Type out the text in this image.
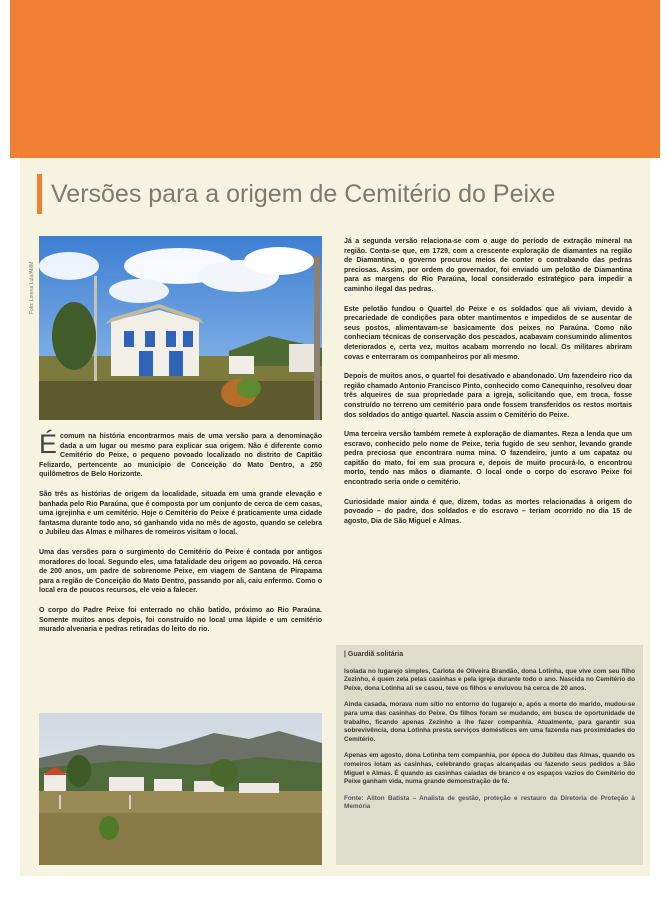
Versões para a origem de Cemitério do Peixe
Foto: Lorena Lula/AMM

Écomum na história encontrarmos mais de uma versão para a denominação dada a um lugar ou mesmo para explicar sua origem. Não é diferente como Cemitério do Peixe, o pequeno povoado localizado no distrito de Capitão Felizardo, pertencente ao município de Conceição do Mato Dentro, a 250 quilômetros de Belo Horizonte.

São três as histórias de origem da localidade, situada em uma grande elevação e banhada pelo Rio Paraúna, que é composta por um conjunto de cerca de cem casas, uma igrejinha e um cemitério. Hoje o Cemitério do Peixe é praticamente uma cidade fantasma durante todo ano, só ganhando vida no mês de agosto, quando se celebra o Jubileu das Almas e milhares de romeiros visitam o local.

Uma das versões para o surgimento do Cemitério do Peixe é contada por antigos moradores do local. Segundo eles, uma fatalidade deu origem ao povoado. Há cerca de 200 anos, um padre de sobrenome Peixe, em viagem de Santana de Pirapama para a região de Conceição do Mato Dentro, passando por ali, caiu enfermo. Como o local era de poucos recursos, ele veio a falecer.

O corpo do Padre Peixe foi enterrado no chão batido, próximo ao Rio Paraúna. Somente muitos anos depois, foi construído no local uma lápide e um cemitério murado alvenaria e pedras retiradas do leito do rio.

Já a segunda versão relaciona-se com o auge do período de extração mineral na região. Conta-se que, em 1729, com a crescente exploração de diamantes na região de Diamantina, o governo procurou meios de conter o contrabando das pedras preciosas. Assim, por ordem do governador, foi enviado um pelotão de Diamantina para as margens do Rio Paraúna, local considerado estratégico para impedir a caminho ilegal das pedras.

Este pelotão fundou o Quartel do Peixe e os soldados que ali viviam, devido à precariedade de condições para obter mantimentos e impedidos de se ausentar de seus postos, alimentavam-se basicamente dos peixes no Paraúna. Como não conheciam técnicas de conservação dos pescados, acabavam consumindo alimentos deteriorados e, certa vez, muitos acabam morrendo no local. Os militares abriram covas e enterraram os companheiros por ali mesmo.

Depois de muitos anos, o quartel foi desativado e abandonado. Um fazendeiro rico da região chamado Antonio Francisco Pinto, conhecido como Canequinho, resolveu doar três alqueires de sua propriedade para a igreja, solicitando que, em troca, fosse construído no terreno um cemitério para onde fossem transferidos os restos mortais dos soldados do antigo quartel. Nascia assim o Cemitério do Peixe.

Uma terceira versão também remete à exploração de diamantes. Reza a lenda que um escravo, conhecido pelo nome de Peixe, teria fugido de seu senhor, levando grande pedra preciosa que encontrara numa mina. O fazendeiro, junto a um capataz ou capitão do mato, foi em sua procura e, depois de muito procurá-lo, o encontrou morto, tendo nas mãos o diamante. O local onde o corpo do escravo Peixe foi encontrado seria onde o cemitério.

Curiosidade maior ainda é que, dizem, todas as mortes relacionadas à origem do povoado – do padre, dos soldados e do escravo – teriam ocorrido no dia 15 de agosto, Dia de São Miguel e Almas.

| Guardiã solitária

Isolada no lugarejo simples, Carlota de Oliveira Brandão, dona Lotinha, que vive com seu filho Zezinho, é quem zela pelas casinhas e pela igreja durante todo o ano. Nascida no Cemitério do Peixe, dona Lotinha ali se casou, teve os filhos e enviuvou há cerca de 20 anos.

Ainda casada, morava num sítio no entorno do lugarejo e, após a morte do marido, mudou-se para uma das casinhas do Peixe. Os filhos foram se mudando, em busca de oportunidade de trabalho, ficando apenas Zezinho a lhe fazer companhia. Atualmente, para garantir sua sobrevivência, dona Lotinha presta serviços domésticos em uma fazenda nas proximidades do Cemitério.

Apenas em agosto, dona Lotinha tem companhia, por época do Jubileu das Almas, quando os romeiros lotam as casinhas, celebrando graças alcançadas ou fazendo seus pedidos a São Miguel e Almas. É quando as casinhas caiadas de branco e os espaços vazios do Cemitério do Peixe ganham vida, numa grande demonstração de fé.

Fonte: Ailton Batista – Analista de gestão, proteção e restauro da Diretoria de Proteção à Memória
